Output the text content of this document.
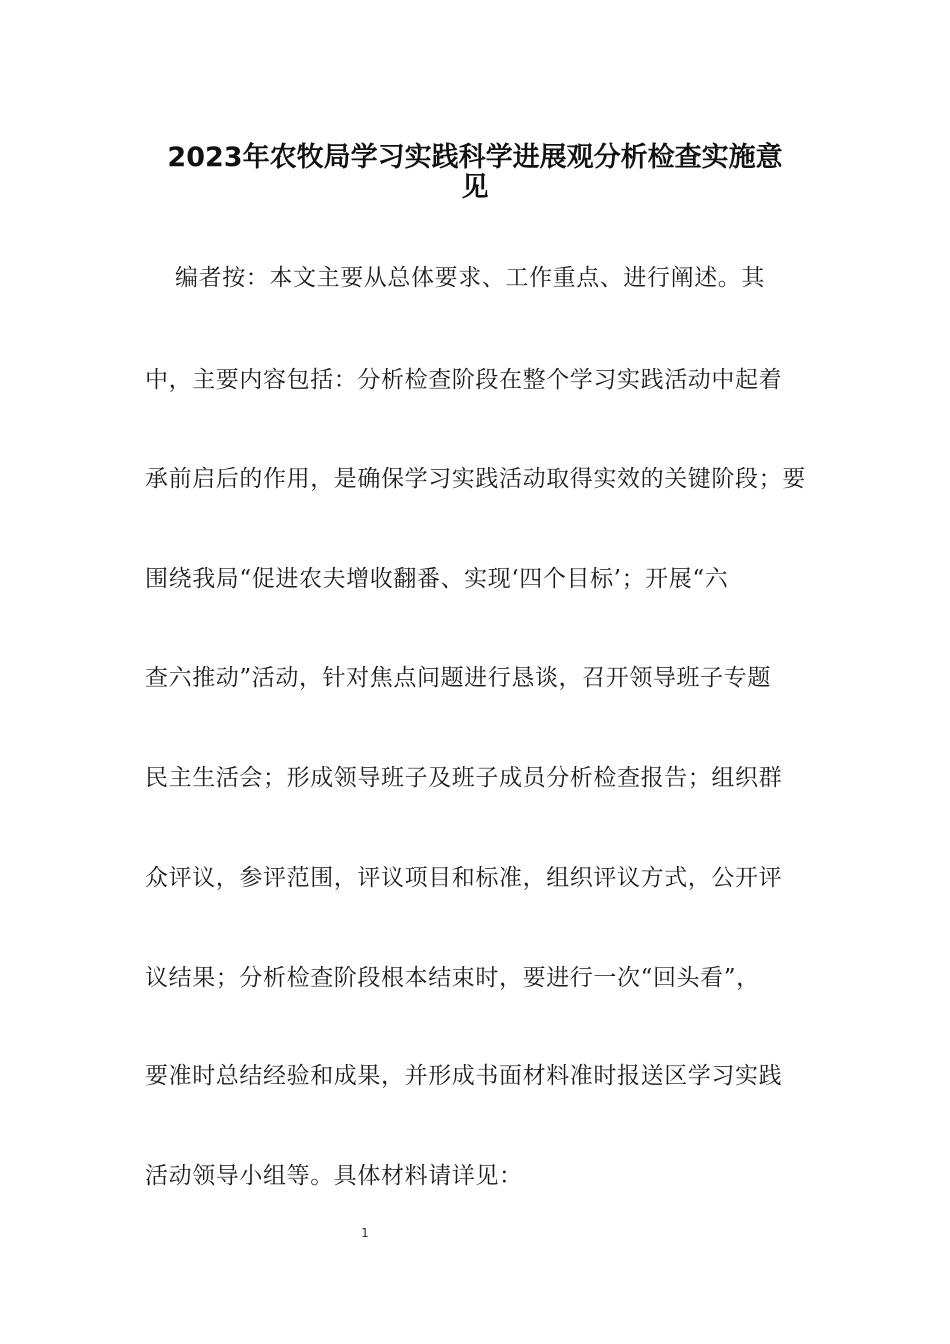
2023年农牧局学习实践科学进展观分析检查实施意
见
编者按：本文主要从总体要求、工作重点、进行阐述。其
中，主要内容包括：分析检查阶段在整个学习实践活动中起着
承前启后的作用，是确保学习实践活动取得实效的关键阶段；要
围绕我局“促进农夫增收翻番、实现‘四个目标’；开展“六
查六推动”活动，针对焦点问题进行恳谈，召开领导班子专题
民主生活会；形成领导班子及班子成员分析检查报告；组织群
众评议，参评范围，评议项目和标准，组织评议方式，公开评
议结果；分析检查阶段根本结束时，要进行一次“回头看”，
要准时总结经验和成果，并形成书面材料准时报送区学习实践
活动领导小组等。具体材料请详见：
1
